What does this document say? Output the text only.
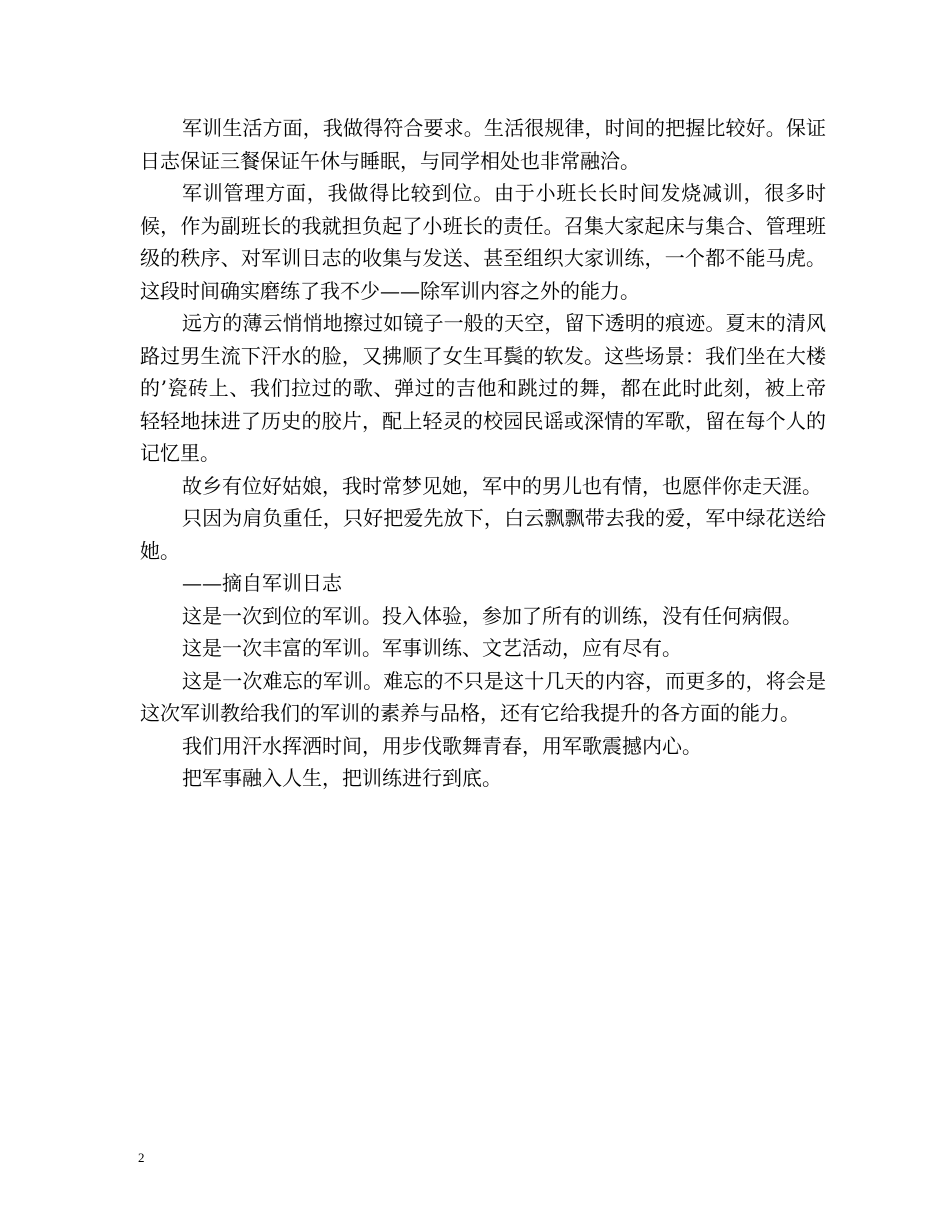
军训生活方面，我做得符合要求。生活很规律，时间的把握比较好。保证日志保证三餐保证午休与睡眠，与同学相处也非常融洽。

军训管理方面，我做得比较到位。由于小班长长时间发烧减训，很多时候，作为副班长的我就担负起了小班长的责任。召集大家起床与集合、管理班级的秩序、对军训日志的收集与发送、甚至组织大家训练，一个都不能马虎。这段时间确实磨练了我不少——除军训内容之外的能力。

远方的薄云悄悄地擦过如镜子一般的天空，留下透明的痕迹。夏末的清风路过男生流下汗水的脸，又拂顺了女生耳鬓的软发。这些场景：我们坐在大楼的’瓷砖上、我们拉过的歌、弹过的吉他和跳过的舞，都在此时此刻，被上帝轻轻地抹进了历史的胶片，配上轻灵的校园民谣或深情的军歌，留在每个人的记忆里。

故乡有位好姑娘，我时常梦见她，军中的男儿也有情，也愿伴你走天涯。

只因为肩负重任，只好把爱先放下，白云飘飘带去我的爱，军中绿花送给她。

——摘自军训日志

这是一次到位的军训。投入体验，参加了所有的训练，没有任何病假。

这是一次丰富的军训。军事训练、文艺活动，应有尽有。

这是一次难忘的军训。难忘的不只是这十几天的内容，而更多的，将会是这次军训教给我们的军训的素养与品格，还有它给我提升的各方面的能力。

我们用汗水挥洒时间，用步伐歌舞青春，用军歌震撼内心。

把军事融入人生，把训练进行到底。

2
